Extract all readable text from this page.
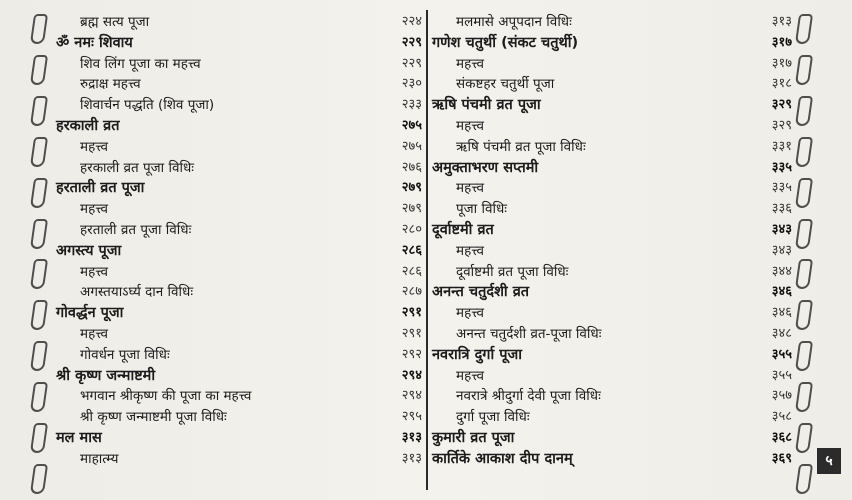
ब्रह्म सत्य पूजा	२२४
ॐ नमः शिवाय	२२९
शिव लिंग पूजा का महत्त्व	२२९
रुद्राक्ष महत्त्व	२३०
शिवार्चन पद्धति (शिव पूजा)	२३३
हरकाली व्रत	२७५
महत्त्व	२७५
हरकाली व्रत पूजा विधिः	२७६
हरताली व्रत पूजा	२७९
महत्त्व	२७९
हरताली व्रत पूजा विधिः	२८०
अगस्त्य पूजा	२८६
महत्त्व	२८६
अगस्तयाऽर्घ्य दान विधिः	२८७
गोवर्द्धन पूजा	२९१
महत्त्व	२९१
गोवर्धन पूजा विधिः	२९२
श्री कृष्ण जन्माष्टमी	२९४
भगवान श्रीकृष्ण की पूजा का महत्त्व	२९४
श्री कृष्ण जन्माष्टमी पूजा विधिः	२९५
मल मास	३१३
माहात्म्य	३१३
मलमासे अपूपदान विधिः	३१३
गणेश चतुर्थी (संकट चतुर्थी)	३१७
महत्त्व	३१७
संकष्टहर चतुर्थी पूजा	३१८
ऋषि पंचमी व्रत पूजा	३२९
महत्त्व	३२९
ऋषि पंचमी व्रत पूजा विधिः	३३१
अमुक्ताभरण सप्तमी	३३५
महत्त्व	३३५
पूजा विधिः	३३६
दूर्वाष्टमी व्रत	३४३
महत्त्व	३४३
दूर्वाष्टमी व्रत पूजा विधिः	३४४
अनन्त चतुर्दशी व्रत	३४६
महत्त्व	३४६
अनन्त चतुर्दशी व्रत-पूजा विधिः	३४८
नवरात्रि दुर्गा पूजा	३५५
महत्त्व	३५५
नवरात्रे श्रीदुर्गा देवी पूजा विधिः	३५७
दुर्गा पूजा विधिः	३५८
कुमारी व्रत पूजा	३६८
कार्तिके आकाश दीप दानम्	३६९	५
